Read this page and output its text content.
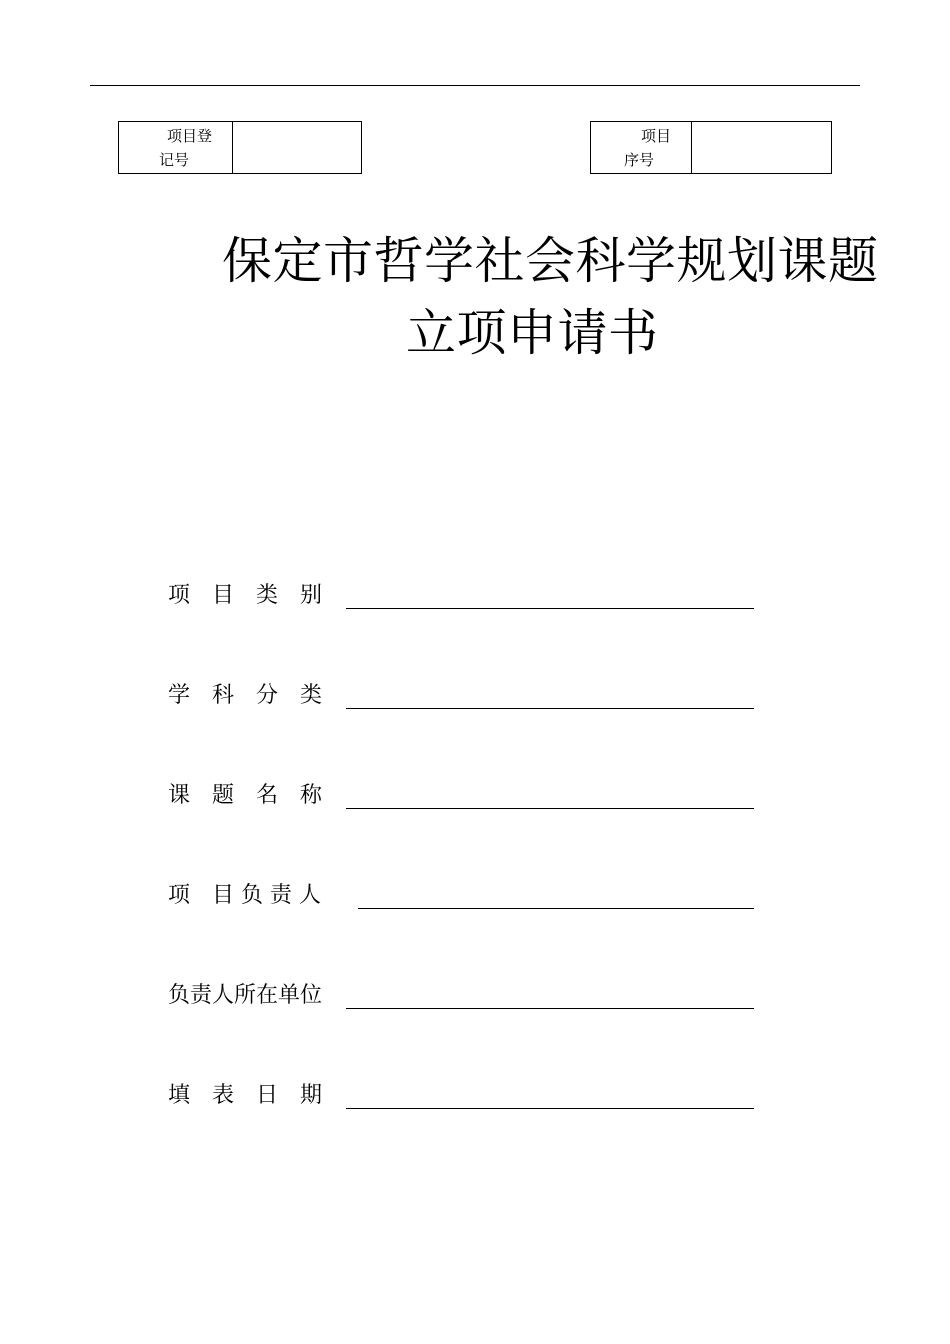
项目登
记号
项目
序号
保定市哲学社会科学规划课题
立项申请书
项　目　类　别
学　科　分　类
课　题　名　称
项　目 负 责 人
负责人所在单位
填　表　日　期
